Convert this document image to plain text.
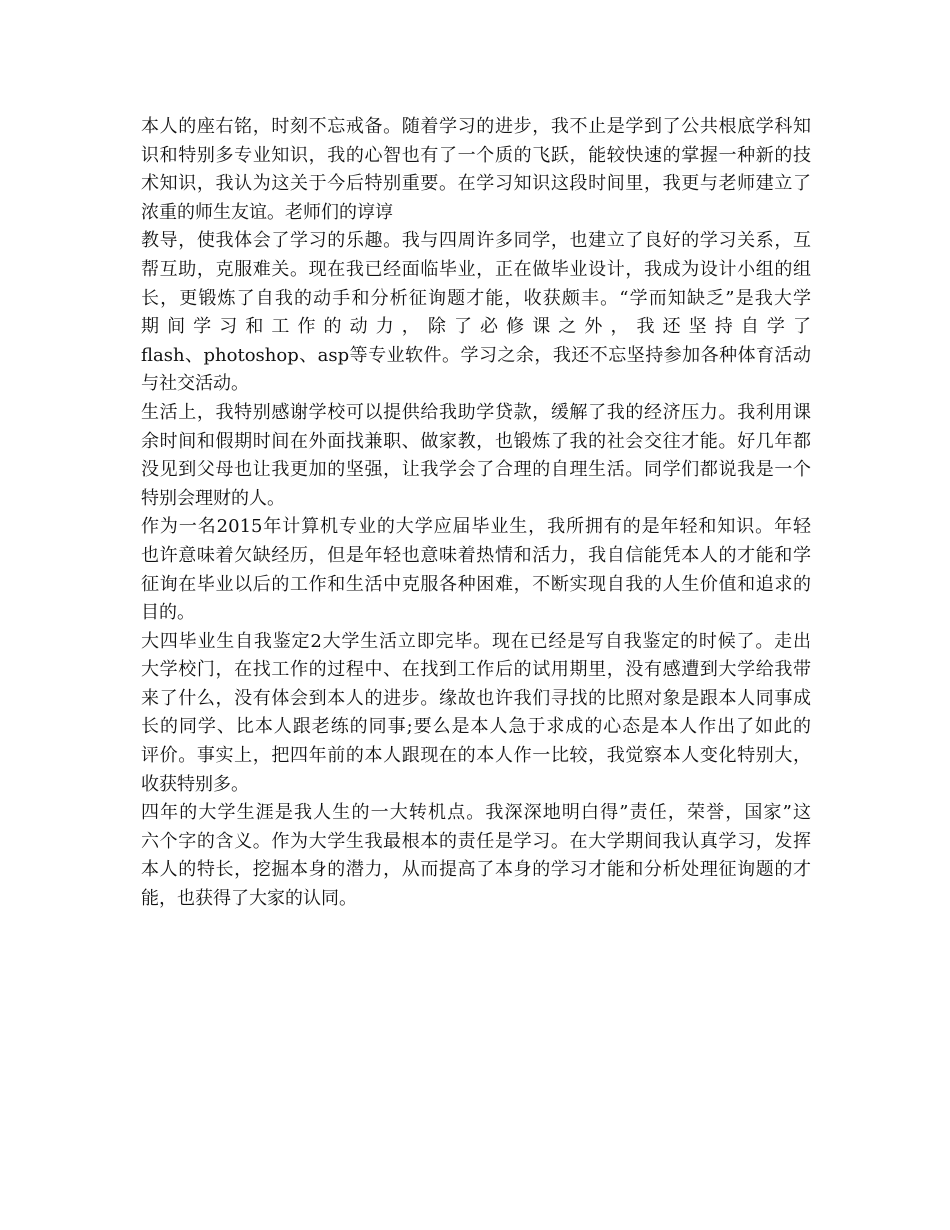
本人的座右铭，时刻不忘戒备。随着学习的进步，我不止是学到了公共根底学科知
识和特别多专业知识，我的心智也有了一个质的飞跃，能较快速的掌握一种新的技
术知识，我认为这关于今后特别重要。在学习知识这段时间里，我更与老师建立了
浓重的师生友谊。老师们的谆谆
教导，使我体会了学习的乐趣。我与四周许多同学，也建立了良好的学习关系，互
帮互助，克服难关。现在我已经面临毕业，正在做毕业设计，我成为设计小组的组
长，更锻炼了自我的动手和分析征询题才能，收获颇丰。“学而知缺乏”是我大学
期间学习和工作的动力，除了必修课之外，我还坚持自学了
flash、photoshop、asp等专业软件。学习之余，我还不忘坚持参加各种体育活动
与社交活动。
生活上，我特别感谢学校可以提供给我助学贷款，缓解了我的经济压力。我利用课
余时间和假期时间在外面找兼职、做家教，也锻炼了我的社会交往才能。好几年都
没见到父母也让我更加的坚强，让我学会了合理的自理生活。同学们都说我是一个
特别会理财的人。
作为一名2015年计算机专业的大学应届毕业生，我所拥有的是年轻和知识。年轻
也许意味着欠缺经历，但是年轻也意味着热情和活力，我自信能凭本人的才能和学
征询在毕业以后的工作和生活中克服各种困难，不断实现自我的人生价值和追求的
目的。
大四毕业生自我鉴定2大学生活立即完毕。现在已经是写自我鉴定的时候了。走出
大学校门，在找工作的过程中、在找到工作后的试用期里，没有感遭到大学给我带
来了什么，没有体会到本人的进步。缘故也许我们寻找的比照对象是跟本人同事成
长的同学、比本人跟老练的同事;要么是本人急于求成的心态是本人作出了如此的
评价。事实上，把四年前的本人跟现在的本人作一比较，我觉察本人变化特别大，
收获特别多。
四年的大学生涯是我人生的一大转机点。我深深地明白得”责任，荣誉，国家”这
六个字的含义。作为大学生我最根本的责任是学习。在大学期间我认真学习，发挥
本人的特长，挖掘本身的潜力，从而提高了本身的学习才能和分析处理征询题的才
能，也获得了大家的认同。
